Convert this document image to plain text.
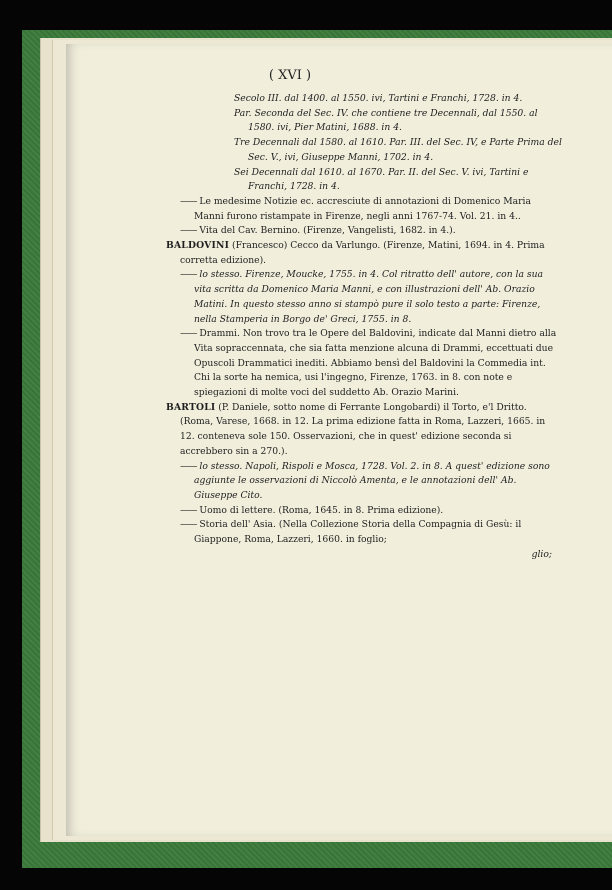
( XVI )
Secolo III. dal 1400. al 1550. ivi, Tartini e Franchi, 1728. in 4.
Par. Seconda del Sec. IV. che contiene tre Decennali, dal 1550. al 1580. ivi, Pier Matini, 1688. in 4.
Tre Decennali dal 1580. al 1610. Par. III. del Sec. IV, e Parte Prima del Sec. V., ivi, Giuseppe Manni, 1702. in 4.
Sei Decennali dal 1610. al 1670. Par. II. del Sec. V. ivi, Tartini e Franchi, 1728. in 4.
—— Le medesime Notizie ec. accresciute di annotazioni di Domenico Maria Manni furono ristampate in Firenze, negli anni 1767-74. Vol. 21. in 4..
—— Vita del Cav. Bernino. (Firenze, Vangelisti, 1682. in 4.).
BALDOVINI (Francesco) Cecco da Varlungo. (Firenze, Matini, 1694. in 4. Prima corretta edizione).
—— lo stesso. Firenze, Moucke, 1755. in 4. Col ritratto dell' autore, con la sua vita scritta da Domenico Maria Manni, e con illustrazioni dell' Ab. Orazio Matini. In questo stesso anno si stampò pure il solo testo a parte: Firenze, nella Stamperia in Borgo de' Greci, 1755. in 8.
—— Drammi. Non trovo tra le Opere del Baldovini, indicate dal Manni dietro alla Vita sopraccennata, che sia fatta menzione alcuna di Drammi, eccettuati due Opuscoli Drammatici inediti. Abbiamo bensì del Baldovini la Commedia int. Chi la sorte ha nemica, usi l'ingegno, Firenze, 1763. in 8. con note e spiegazioni di molte voci del suddetto Ab. Orazio Marini.
BARTOLI (P. Daniele, sotto nome di Ferrante Longobardi) il Torto, e'l Dritto. (Roma, Varese, 1668. in 12. La prima edizione fatta in Roma, Lazzeri, 1665. in 12. conteneva sole 150. Osservazioni, che in quest' edizione seconda si accrebbero sin a 270.).
—— lo stesso. Napoli, Rispoli e Mosca, 1728. Vol. 2. in 8. A quest' edizione sono aggiunte le osservazioni di Niccolò Amenta, e le annotazioni dell' Ab. Giuseppe Cito.
—— Uomo di lettere. (Roma, 1645. in 8. Prima edizione).
—— Storia dell' Asia. (Nella Collezione Storia della Compagnia di Gesù: il Giappone, Roma, Lazzeri, 1660. in foglio;
glio;
